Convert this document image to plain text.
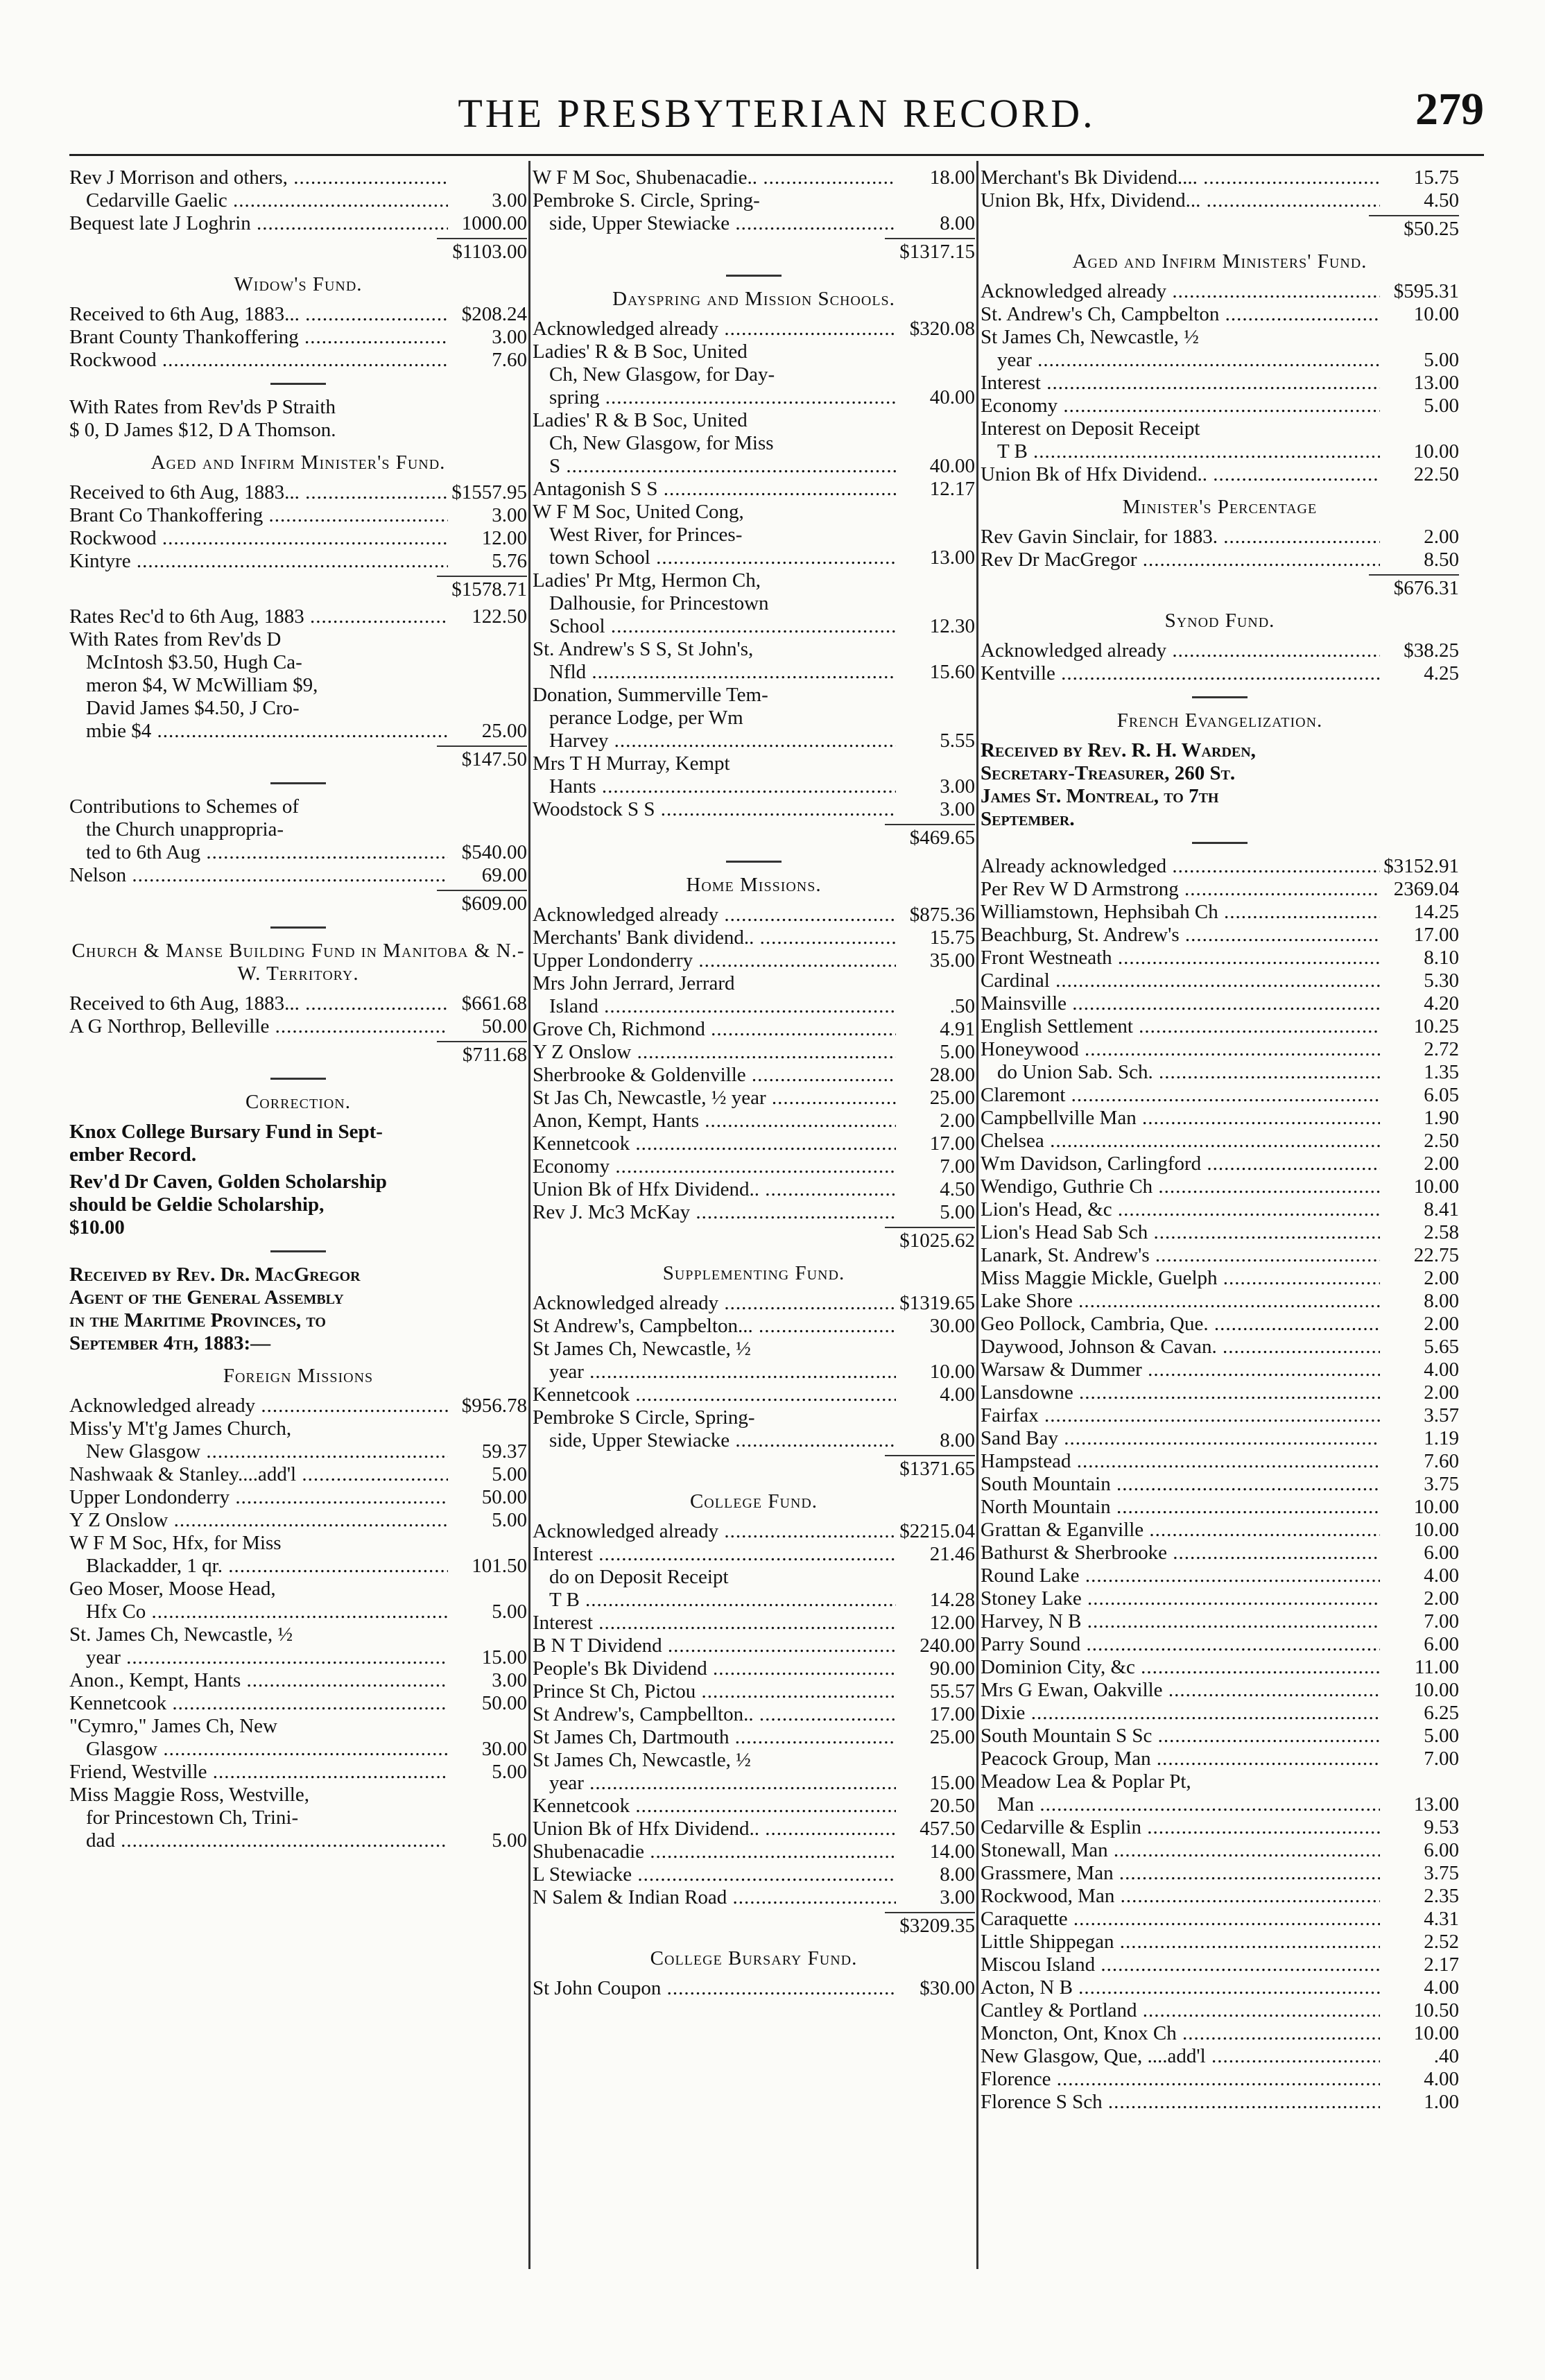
THE PRESBYTERIAN RECORD.	279
Rev J Morrison and others, .....
Cedarville Gaelic .....	3.00
Bequest late J Loghrin .....	1000.00
$1103.00
Widow's Fund.
Received to 6th Aug, 1883... .....	$208.24
Brant County Thankoffering .....	3.00
Rockwood .....	7.60
With Rates from Rev'ds P Straith
$ 0, D James $12, D A Thomson.
Aged and Infirm Minister's Fund.
Received to 6th Aug, 1883... .....	$1557.95
Brant Co Thankoffering .....	3.00
Rockwood .....	12.00
Kintyre .....	5.76
$1578.71
Rates Rec'd to 6th Aug, 1883 .....	122.50
With Rates from Rev'ds D
McIntosh $3.50, Hugh Ca-
meron $4, W McWilliam $9,
David James $4.50, J Cro-
mbie $4 .....	25.00
$147.50
Contributions to Schemes of
the Church unappropria-
ted to 6th Aug .....	$540.00
Nelson .....	69.00
$609.00
Church & Manse Building Fund in Manitoba & N.-W. Territory.
Received to 6th Aug, 1883... .....	$661.68
A G Northrop, Belleville .....	50.00
$711.68
Correction.
Knox College Bursary Fund in Sept-
ember Record.
Rev'd Dr Caven, Golden Scholarship
should be Geldie Scholarship,
$10.00
Received by Rev. Dr. MacGregor
Agent of the General Assembly
in the Maritime Provinces, to
September 4th, 1883:—
Foreign Missions
Acknowledged already .....	$956.78
Miss'y M't'g James Church,
New Glasgow .....	59.37
Nashwaak & Stanley....add'l .....	5.00
Upper Londonderry .....	50.00
Y Z Onslow .....	5.00
W F M Soc, Hfx, for Miss
Blackadder, 1 qr. .....	101.50
Geo Moser, Moose Head,
Hfx Co .....	5.00
St. James Ch, Newcastle, ½
year .....	15.00
Anon., Kempt, Hants .....	3.00
Kennetcook .....	50.00
"Cymro," James Ch, New
Glasgow .....	30.00
Friend, Westville .....	5.00
Miss Maggie Ross, Westville,
for Princestown Ch, Trini-
dad .....	5.00
W F M Soc, Shubenacadie.. .....	18.00
Pembroke S. Circle, Spring-
side, Upper Stewiacke .....	8.00
$1317.15
Dayspring and Mission Schools.
Acknowledged already .....	$320.08
Ladies' R & B Soc, United
Ch, New Glasgow, for Day-
spring .....	40.00
Ladies' R & B Soc, United
Ch, New Glasgow, for Miss
S .....	40.00
Antagonish S S .....	12.17
W F M Soc, United Cong,
West River, for Princes-
town School .....	13.00
Ladies' Pr Mtg, Hermon Ch,
Dalhousie, for Princestown
School .....	12.30
St. Andrew's S S, St John's,
Nfld .....	15.60
Donation, Summerville Tem-
perance Lodge, per Wm
Harvey .....	5.55
Mrs T H Murray, Kempt
Hants .....	3.00
Woodstock S S .....	3.00
$469.65
Home Missions.
Acknowledged already .....	$875.36
Merchants' Bank dividend.. .....	15.75
Upper Londonderry .....	35.00
Mrs John Jerrard, Jerrard
Island .....	.50
Grove Ch, Richmond .....	4.91
Y Z Onslow .....	5.00
Sherbrooke & Goldenville .....	28.00
St Jas Ch, Newcastle, ½ year .....	25.00
Anon, Kempt, Hants .....	2.00
Kennetcook .....	17.00
Economy .....	7.00
Union Bk of Hfx Dividend.. .....	4.50
Rev J. Mc3 McKay .....	5.00
$1025.62
Supplementing Fund.
Acknowledged already .....	$1319.65
St Andrew's, Campbelton... .....	30.00
St James Ch, Newcastle, ½
year .....	10.00
Kennetcook .....	4.00
Pembroke S Circle, Spring-
side, Upper Stewiacke .....	8.00
$1371.65
College Fund.
Acknowledged already .....	$2215.04
Interest .....	21.46
do on Deposit Receipt
T B .....	14.28
Interest .....	12.00
B N T Dividend .....	240.00
People's Bk Dividend .....	90.00
Prince St Ch, Pictou .....	55.57
St Andrew's, Campbellton.. .....	17.00
St James Ch, Dartmouth .....	25.00
St James Ch, Newcastle, ½
year .....	15.00
Kennetcook .....	20.50
Union Bk of Hfx Dividend.. .....	457.50
Shubenacadie .....	14.00
L Stewiacke .....	8.00
N Salem & Indian Road .....	3.00
$3209.35
College Bursary Fund.
St John Coupon .....	$30.00
Merchant's Bk Dividend.... .....	15.75
Union Bk, Hfx, Dividend... .....	4.50
$50.25
Aged and Infirm Ministers' Fund.
Acknowledged already .....	$595.31
St. Andrew's Ch, Campbelton .....	10.00
St James Ch, Newcastle, ½
year .....	5.00
Interest .....	13.00
Economy .....	5.00
Interest on Deposit Receipt
T B .....	10.00
Union Bk of Hfx Dividend.. .....	22.50
Minister's Percentage
Rev Gavin Sinclair, for 1883. .....	2.00
Rev Dr MacGregor .....	8.50
$676.31
Synod Fund.
Acknowledged already .....	$38.25
Kentville .....	4.25
French Evangelization.
Received by Rev. R. H. Warden,
Secretary-Treasurer, 260 St.
James St. Montreal, to 7th
September.
Already acknowledged .....	$3152.91
Per Rev W D Armstrong .....	2369.04
Williamstown, Hephsibah Ch .....	14.25
Beachburg, St. Andrew's .....	17.00
Front Westneath .....	8.10
Cardinal .....	5.30
Mainsville .....	4.20
English Settlement .....	10.25
Honeywood .....	2.72
do Union Sab. Sch. .....	1.35
Claremont .....	6.05
Campbellville Man .....	1.90
Chelsea .....	2.50
Wm Davidson, Carlingford .....	2.00
Wendigo, Guthrie Ch .....	10.00
Lion's Head, &c .....	8.41
Lion's Head Sab Sch .....	2.58
Lanark, St. Andrew's .....	22.75
Miss Maggie Mickle, Guelph .....	2.00
Lake Shore .....	8.00
Geo Pollock, Cambria, Que. .....	2.00
Daywood, Johnson & Cavan. .....	5.65
Warsaw & Dummer .....	4.00
Lansdowne .....	2.00
Fairfax .....	3.57
Sand Bay .....	1.19
Hampstead .....	7.60
South Mountain .....	3.75
North Mountain .....	10.00
Grattan & Eganville .....	10.00
Bathurst & Sherbrooke .....	6.00
Round Lake .....	4.00
Stoney Lake .....	2.00
Harvey, N B .....	7.00
Parry Sound .....	6.00
Dominion City, &c .....	11.00
Mrs G Ewan, Oakville .....	10.00
Dixie .....	6.25
South Mountain S Sc .....	5.00
Peacock Group, Man .....	7.00
Meadow Lea & Poplar Pt,
Man .....	13.00
Cedarville & Esplin .....	9.53
Stonewall, Man .....	6.00
Grassmere, Man .....	3.75
Rockwood, Man .....	2.35
Caraquette .....	4.31
Little Shippegan .....	2.52
Miscou Island .....	2.17
Acton, N B .....	4.00
Cantley & Portland .....	10.50
Moncton, Ont, Knox Ch .....	10.00
New Glasgow, Que, ....add'l .....	.40
Florence .....	4.00
Florence S Sch .....	1.00
